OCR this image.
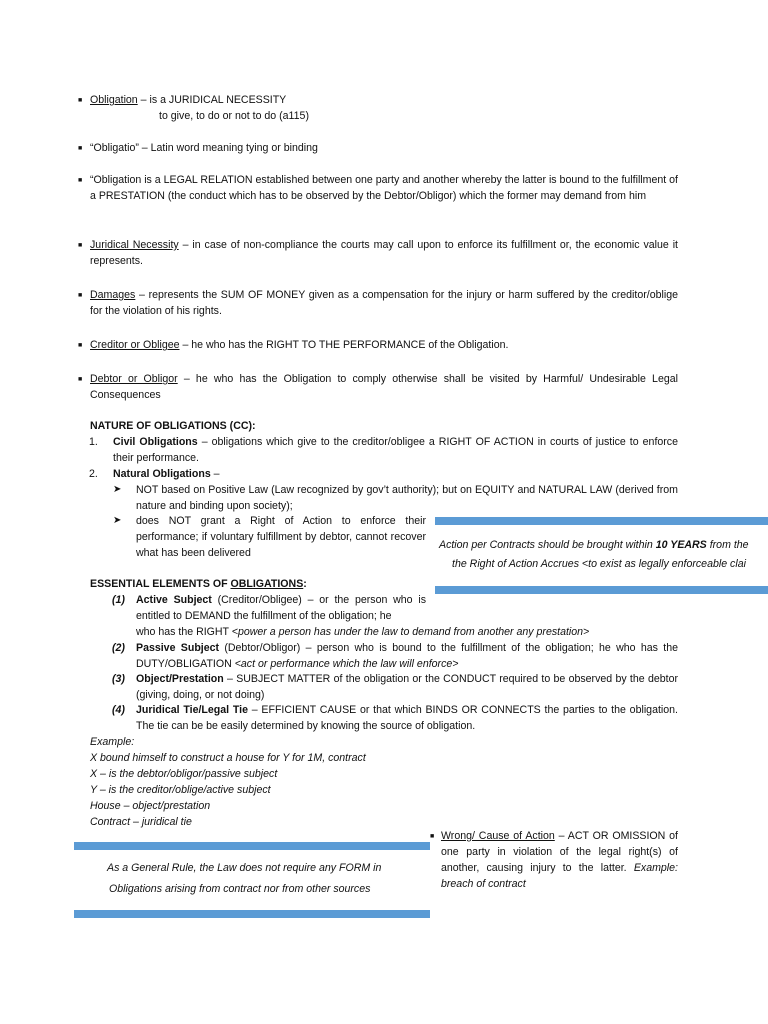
■ Obligation – is a JURIDICAL NECESSITY
to give, to do or not to do (a115)
■ “Obligatio” – Latin word meaning tying or binding
■ “Obligation is a LEGAL RELATION established between one party and another whereby the latter is bound to the fulfillment of a PRESTATION (the conduct which has to be observed by the Debtor/Obligor) which the former may demand from him
■ Juridical Necessity – in case of non-compliance the courts may call upon to enforce its fulfillment or, the economic value it represents.
■ Damages – represents the SUM OF MONEY given as a compensation for the injury or harm suffered by the creditor/oblige for the violation of his rights.
■ Creditor or Obligee – he who has the RIGHT TO THE PERFORMANCE of the Obligation.
■ Debtor or Obligor – he who has the Obligation to comply otherwise shall be visited by Harmful/ Undesirable Legal Consequences
NATURE OF OBLIGATIONS (CC):
1. Civil Obligations – obligations which give to the creditor/obligee a RIGHT OF ACTION in courts of justice to enforce their performance.
2. Natural Obligations –
➤ NOT based on Positive Law (Law recognized by gov’t authority); but on EQUITY and NATURAL LAW (derived from nature and binding upon society);
➤ does NOT grant a Right of Action to enforce their performance; if voluntary fulfillment by debtor, cannot recover what has been delivered
Action per Contracts should be brought within 10 YEARS from the
the Right of Action Accrues <to exist as legally enforceable clai
ESSENTIAL ELEMENTS OF OBLIGATIONS:
(1) Active Subject (Creditor/Obligee) – or the person who is entitled to DEMAND the fulfillment of the obligation; he
who has the RIGHT <power a person has under the law to demand from another any prestation>
(2) Passive Subject (Debtor/Obligor) – person who is bound to the fulfillment of the obligation; he who has the DUTY/OBLIGATION <act or performance which the law will enforce>
(3) Object/Prestation – SUBJECT MATTER of the obligation or the CONDUCT required to be observed by the debtor (giving, doing, or not doing)
(4) Juridical Tie/Legal Tie – EFFICIENT CAUSE or that which BINDS OR CONNECTS the parties to the obligation. The tie can be be easily determined by knowing the source of obligation.
Example:
X bound himself to construct a house for Y for 1M, contract
X – is the debtor/obligor/passive subject
Y – is the creditor/oblige/active subject
House – object/prestation
Contract – juridical tie
As a General Rule, the Law does not require any FORM in
Obligations arising from contract nor from other sources
■ Wrong/ Cause of Action – ACT OR OMISSION of one party in violation of the legal right(s) of another, causing injury to the latter. Example: breach of contract
